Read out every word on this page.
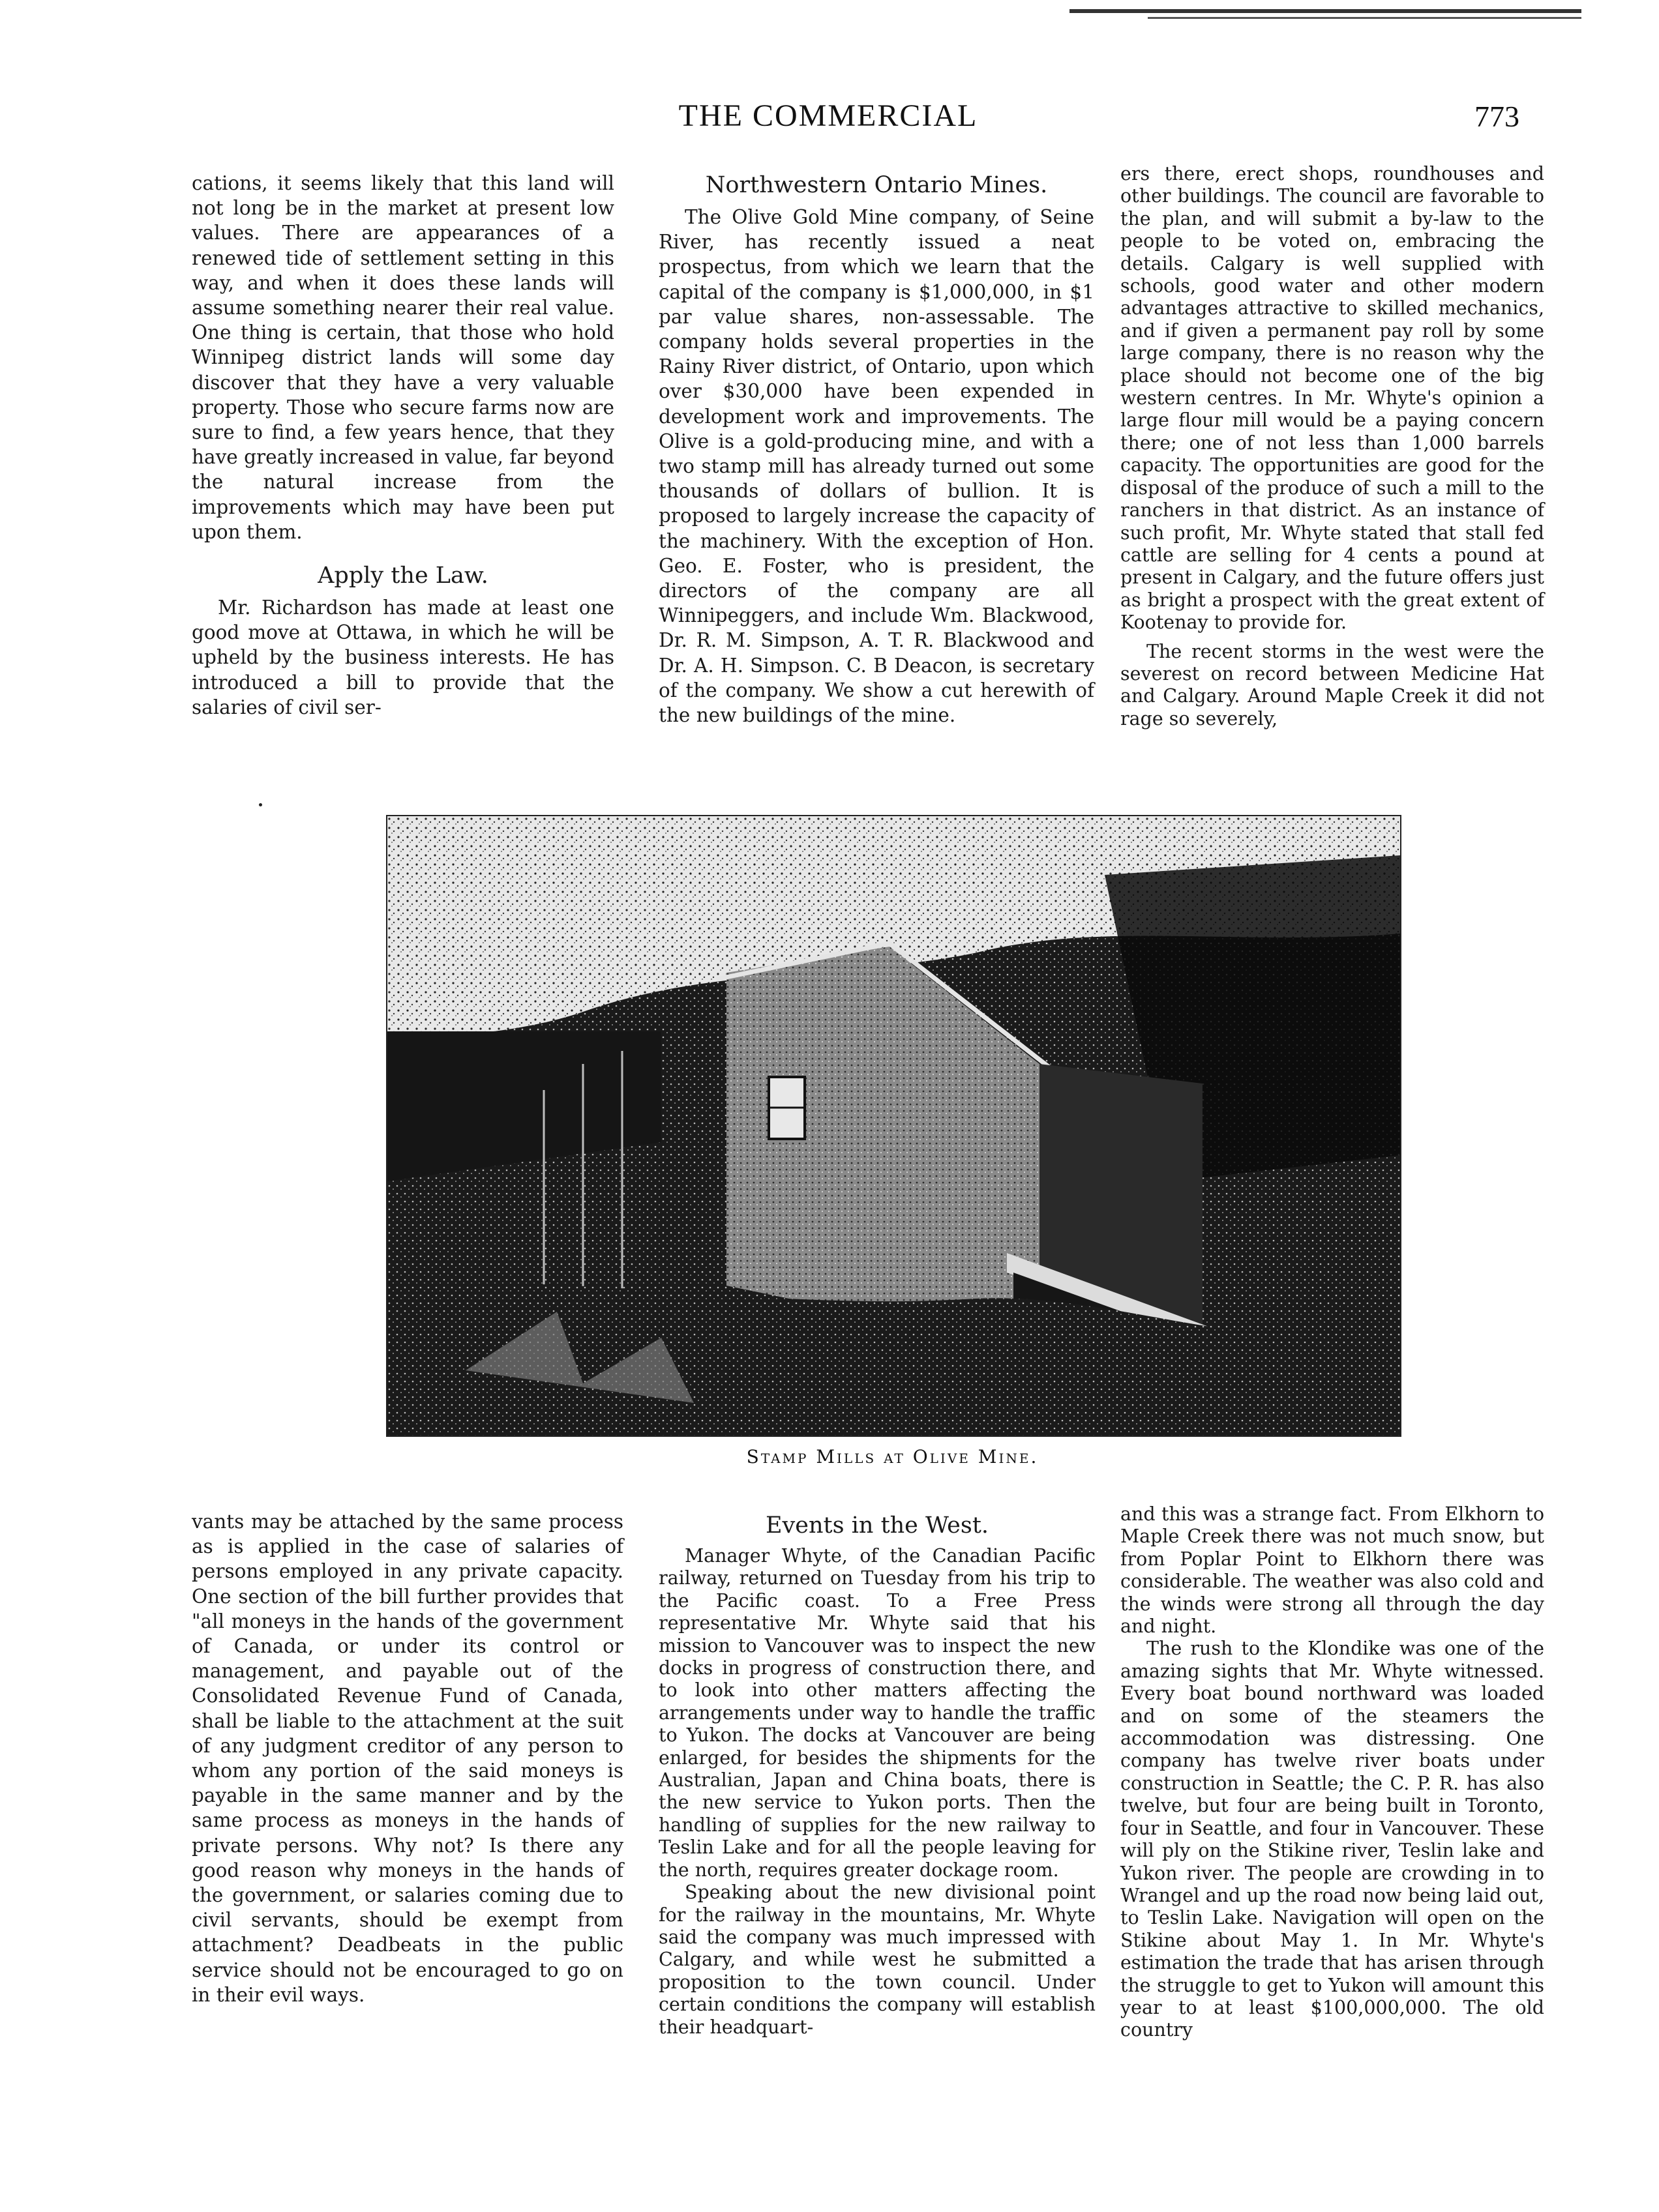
THE COMMERCIAL	773

cations, it seems likely that this land will not long be in the market at present low values. There are appearances of a renewed tide of settlement setting in this way, and when it does these lands will assume something nearer their real value. One thing is certain, that those who hold Winnipeg district lands will some day discover that they have a very valuable property. Those who secure farms now are sure to find, a few years hence, that they have greatly increased in value, far beyond the natural increase from the improvements which may have been put upon them.

Apply the Law.

Mr. Richardson has made at least one good move at Ottawa, in which he will be upheld by the business interests. He has introduced a bill to provide that the salaries of civil ser-

Northwestern Ontario Mines.

The Olive Gold Mine company, of Seine River, has recently issued a neat prospectus, from which we learn that the capital of the company is $1,000,000, in $1 par value shares, non-assessable. The company holds several properties in the Rainy River district, of Ontario, upon which over $30,000 have been expended in development work and improvements. The Olive is a gold-producing mine, and with a two stamp mill has already turned out some thousands of dollars of bullion. It is proposed to largely increase the capacity of the machinery. With the exception of Hon. Geo. E. Foster, who is president, the directors of the company are all Winnipeggers, and include Wm. Blackwood, Dr. R. M. Simpson, A. T. R. Blackwood and Dr. A. H. Simpson. C. B Deacon, is secretary of the company. We show a cut herewith of the new buildings of the mine.

ers there, erect shops, roundhouses and other buildings. The council are favorable to the plan, and will submit a by-law to the people to be voted on, embracing the details. Calgary is well supplied with schools, good water and other modern advantages attractive to skilled mechanics, and if given a permanent pay roll by some large company, there is no reason why the place should not become one of the big western centres. In Mr. Whyte's opinion a large flour mill would be a paying concern there; one of not less than 1,000 barrels capacity. The opportunities are good for the disposal of the produce of such a mill to the ranchers in that district. As an instance of such profit, Mr. Whyte stated that stall fed cattle are selling for 4 cents a pound at present in Calgary, and the future offers just as bright a prospect with the great extent of Kootenay to provide for.

The recent storms in the west were the severest on record between Medicine Hat and Calgary. Around Maple Creek it did not rage so severely,

Stamp Mills at Olive Mine.

vants may be attached by the same process as is applied in the case of salaries of persons employed in any private capacity. One section of the bill further provides that "all moneys in the hands of the government of Canada, or under its control or management, and payable out of the Consolidated Revenue Fund of Canada, shall be liable to the attachment at the suit of any judgment creditor of any person to whom any portion of the said moneys is payable in the same manner and by the same process as moneys in the hands of private persons. Why not? Is there any good reason why moneys in the hands of the government, or salaries coming due to civil servants, should be exempt from attachment? Deadbeats in the public service should not be encouraged to go on in their evil ways.

Events in the West.

Manager Whyte, of the Canadian Pacific railway, returned on Tuesday from his trip to the Pacific coast. To a Free Press representative Mr. Whyte said that his mission to Vancouver was to inspect the new docks in progress of construction there, and to look into other matters affecting the arrangements under way to handle the traffic to Yukon. The docks at Vancouver are being enlarged, for besides the shipments for the Australian, Japan and China boats, there is the new service to Yukon ports. Then the handling of supplies for the new railway to Teslin Lake and for all the people leaving for the north, requires greater dockage room.

Speaking about the new divisional point for the railway in the mountains, Mr. Whyte said the company was much impressed with Calgary, and while west he submitted a proposition to the town council. Under certain conditions the company will establish their headquart-

and this was a strange fact. From Elkhorn to Maple Creek there was not much snow, but from Poplar Point to Elkhorn there was considerable. The weather was also cold and the winds were strong all through the day and night.

The rush to the Klondike was one of the amazing sights that Mr. Whyte witnessed. Every boat bound northward was loaded and on some of the steamers the accommodation was distressing. One company has twelve river boats under construction in Seattle; the C. P. R. has also twelve, but four are being built in Toronto, four in Seattle, and four in Vancouver. These will ply on the Stikine river, Teslin lake and Yukon river. The people are crowding in to Wrangel and up the road now being laid out, to Teslin Lake. Navigation will open on the Stikine about May 1. In Mr. Whyte's estimation the trade that has arisen through the struggle to get to Yukon will amount this year to at least $100,000,000. The old country
